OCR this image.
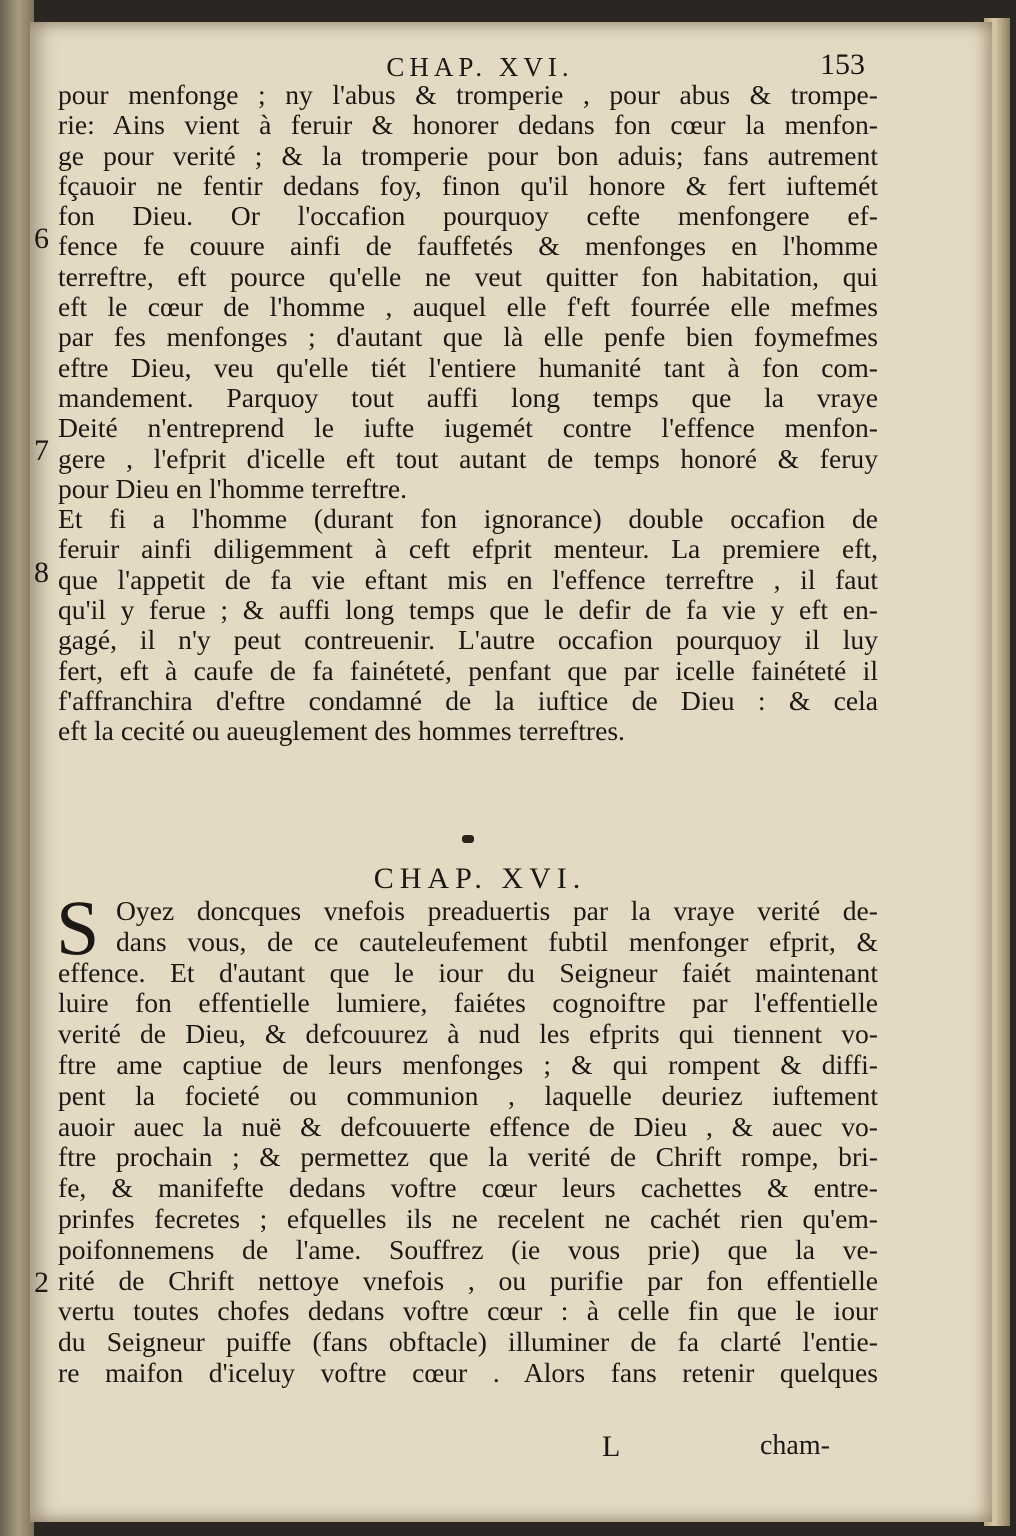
CHAP. XVI.	153
6
7
8
2
pour menfonge ; ny l'abus & tromperie , pour abus & trompe-
rie: Ains vient à feruir & honorer dedans fon cœur la menfon-
ge pour verité ; & la tromperie pour bon aduis; fans autrement
fçauoir ne fentir dedans foy, finon qu'il honore & fert iuftemét
fon Dieu. Or l'occafion pourquoy cefte menfongere ef-
fence fe couure ainfi de fauffetés & menfonges en l'homme
terreftre, eft pource qu'elle ne veut quitter fon habitation, qui
eft le cœur de l'homme , auquel elle f'eft fourrée elle mefmes
par fes menfonges ; d'autant que là elle penfe bien foymefmes
eftre Dieu, veu qu'elle tiét l'entiere humanité tant à fon com-
mandement. Parquoy tout auffi long temps que la vraye
Deité n'entreprend le iufte iugemét contre l'effence menfon-
gere , l'efprit d'icelle eft tout autant de temps honoré & feruy
pour Dieu en l'homme terreftre.
Et fi a l'homme (durant fon ignorance) double occafion de
feruir ainfi diligemment à ceft efprit menteur. La premiere eft,
que l'appetit de fa vie eftant mis en l'effence terreftre , il faut
qu'il y ferue ; & auffi long temps que le defir de fa vie y eft en-
gagé, il n'y peut contreuenir. L'autre occafion pourquoy il luy
fert, eft à caufe de fa fainéteté, penfant que par icelle fainéteté il
f'affranchira d'eftre condamné de la iuftice de Dieu : & cela
eft la cecité ou aueuglement des hommes terreftres.
CHAP. XVI.
S Oyez doncques vnefois preaduertis par la vraye verité de-
dans vous, de ce cauteleufement fubtil menfonger efprit, &
effence. Et d'autant que le iour du Seigneur faiét maintenant
luire fon effentielle lumiere, faiétes cognoiftre par l'effentielle
verité de Dieu, & defcouurez à nud les efprits qui tiennent vo-
ftre ame captiue de leurs menfonges ; & qui rompent & diffi-
pent la focieté ou communion , laquelle deuriez iuftement
auoir auec la nuë & defcouuerte effence de Dieu , & auec vo-
ftre prochain ; & permettez que la verité de Chrift rompe, bri-
fe, & manifefte dedans voftre cœur leurs cachettes & entre-
prinfes fecretes ; efquelles ils ne recelent ne cachét rien qu'em-
poifonnemens de l'ame. Souffrez (ie vous prie) que la ve-
rité de Chrift nettoye vnefois , ou purifie par fon effentielle
vertu toutes chofes dedans voftre cœur : à celle fin que le iour
du Seigneur puiffe (fans obftacle) illuminer de fa clarté l'entie-
re maifon d'iceluy voftre cœur . Alors fans retenir quelques
L	cham-
